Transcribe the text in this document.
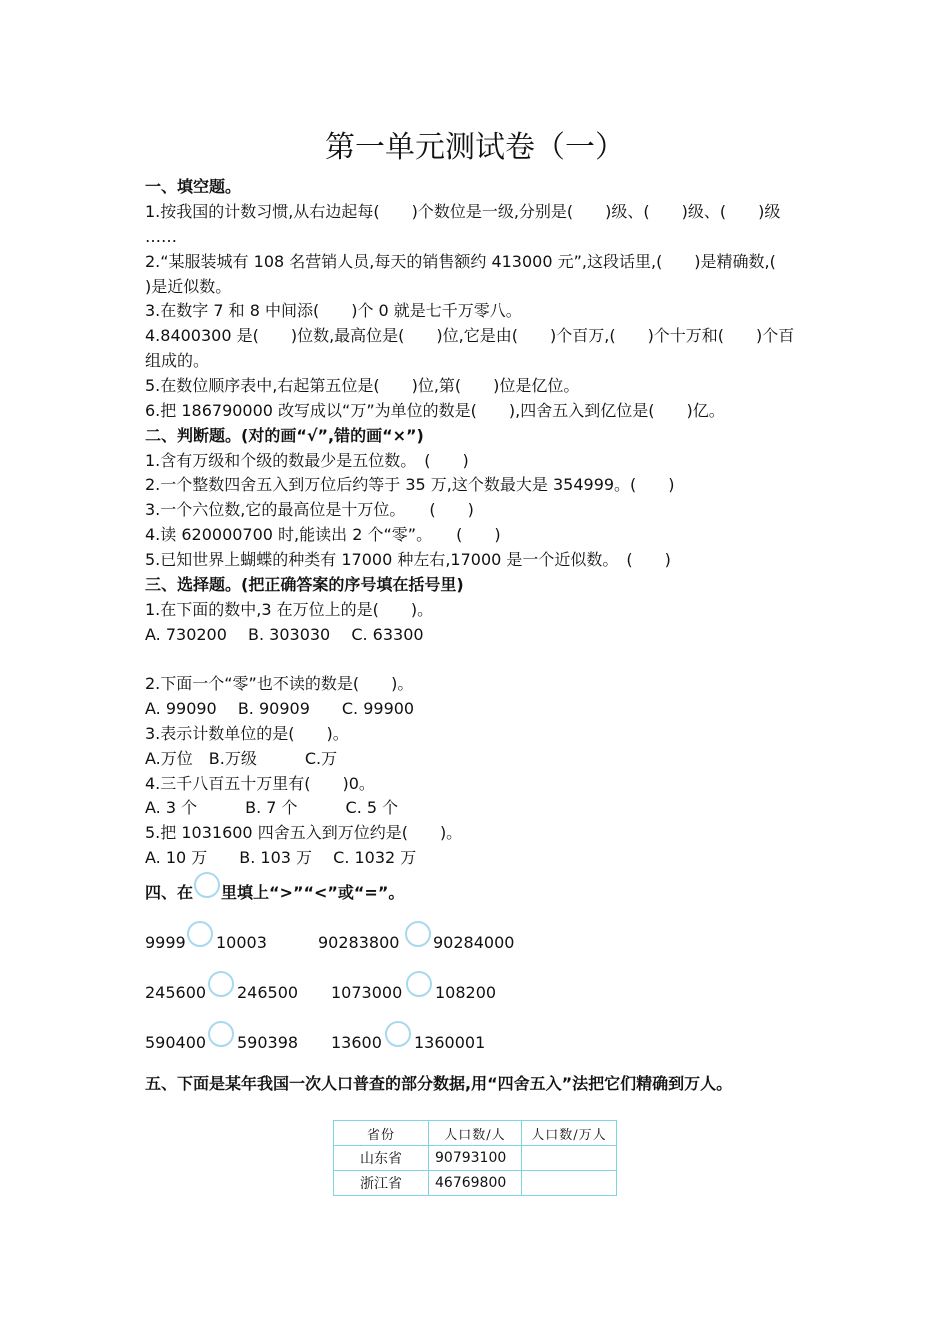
第一单元测试卷（一）
一、填空题。
1.按我国的计数习惯,从右边起每(　　)个数位是一级,分别是(　　)级、(　　)级、(　　)级
……
2.“某服装城有 108 名营销人员,每天的销售额约 413000 元”,这段话里,(　　)是精确数,(
)是近似数。
3.在数字 7 和 8 中间添(　　)个 0 就是七千万零八。
4.8400300 是(　　)位数,最高位是(　　)位,它是由(　　)个百万,(　　)个十万和(　　)个百
组成的。
5.在数位顺序表中,右起第五位是(　　)位,第(　　)位是亿位。
6.把 186790000 改写成以“万”为单位的数是(　　),四舍五入到亿位是(　　)亿。
二、判断题。(对的画“√”,错的画“×”)
1.含有万级和个级的数最少是五位数。　(　　)
2.一个整数四舍五入到万位后约等于 35 万,这个数最大是 354999。(　　)
3.一个六位数,它的最高位是十万位。　　(　　)
4.读 620000700 时,能读出 2 个“零”。　　(　　)
5.已知世界上蝴蝶的种类有 17000 种左右,17000 是一个近似数。　(　　)
三、选择题。(把正确答案的序号填在括号里)
1.在下面的数中,3 在万位上的是(　　)。
A. 730200　 B. 303030　 C. 63300
2.下面一个“零”也不读的数是(　　)。
A. 99090　 B. 90909　　C. 99900
3.表示计数单位的是(　　)。
A.万位　B.万级　　　C.万
4.三千八百五十万里有(　　)0。
A. 3 个　　　B. 7 个　　　C. 5 个
5.把 1031600 四舍五入到万位约是(　　)。
A. 10 万　　B. 103 万　 C. 1032 万
四、在 里填上“>”“<”或“=”。
9999 10003	90283800 90284000
245600 246500 1073000 108200
590400 590398 13600 1360001
五、下面是某年我国一次人口普查的部分数据,用“四舍五入”法把它们精确到万人。
省份	人口数/人	人口数/万人
山东省	90793100	
浙江省	46769800	
